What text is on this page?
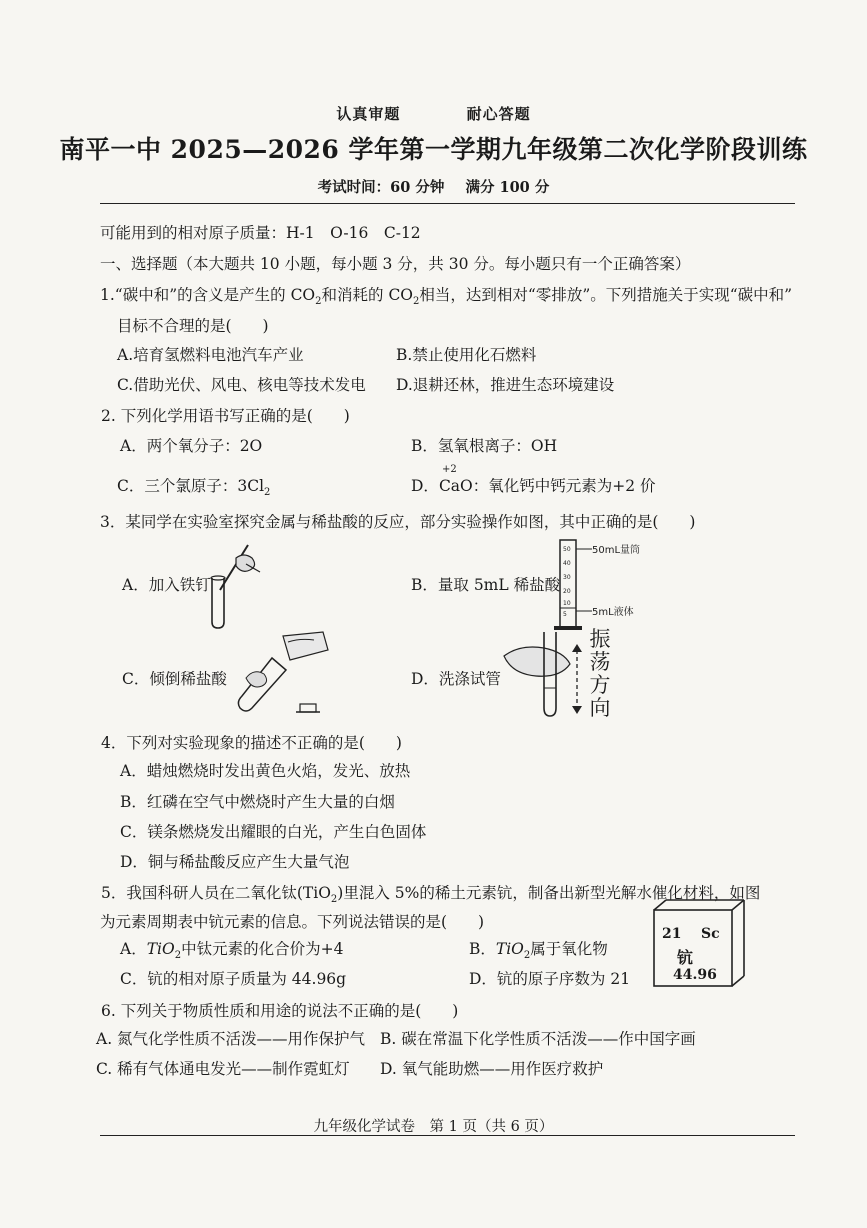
认真审题	耐心答题
南平一中 2025—2026 学年第一学期九年级第二次化学阶段训练
考试时间：60 分钟 满分 100 分
可能用到的相对原子质量：H-1　O-16　C-12
一、选择题（本大题共 10 小题，每小题 3 分，共 30 分。每小题只有一个正确答案）
1.“碳中和”的含义是产生的 $CO_2$和消耗的 $CO_2$相当，达到相对“零排放”。下列措施关于实现“碳中和”
目标不合理的是(　　)
A.培育氢燃料电池汽车产业	B.禁止使用化石燃料
C.借助光伏、风电、核电等技术发电 D.退耕还林，推进生态环境建设
2. 下列化学用语书写正确的是(　　)
A．两个氧分子：2O	B．氢氧根离子：OH
C．三个氯原子：$3Cl_2$	D．
+2
CaO：氧化钙中钙元素为+2 价
3．某同学在实验室探究金属与稀盐酸的反应，部分实验操作如图，其中正确的是(　　)
A．加入铁钉	B．量取 5mL 稀盐酸
50
40
30
20
10
5
50mL量筒
5mL液体
C．倾倒稀盐酸	D．洗涤试管
振
荡
方
向
4．下列对实验现象的描述不正确的是(　　)
A．蜡烛燃烧时发出黄色火焰，发光、放热
B．红磷在空气中燃烧时产生大量的白烟
C．镁条燃烧发出耀眼的白光，产生白色固体
D．铜与稀盐酸反应产生大量气泡
5．我国科研人员在二氧化钛(TiO$_2$)里混入 5%的稀土元素钪，制备出新型光解水催化材料，如图
为元素周期表中钪元素的信息。下列说法错误的是(　　)
A．TiO$_2$中钛元素的化合价为+4	B．TiO$_2$属于氧化物
C．钪的相对原子质量为 44.96g	D．钪的原子序数为 21
21 Sc
钪
44.96
6. 下列关于物质性质和用途的说法不正确的是(　　)
A. 氮气化学性质不活泼——用作保护气 B. 碳在常温下化学性质不活泼——作中国字画
C. 稀有气体通电发光——制作霓虹灯 D. 氧气能助燃——用作医疗救护
九年级化学试卷　第 1 页（共 6 页）
